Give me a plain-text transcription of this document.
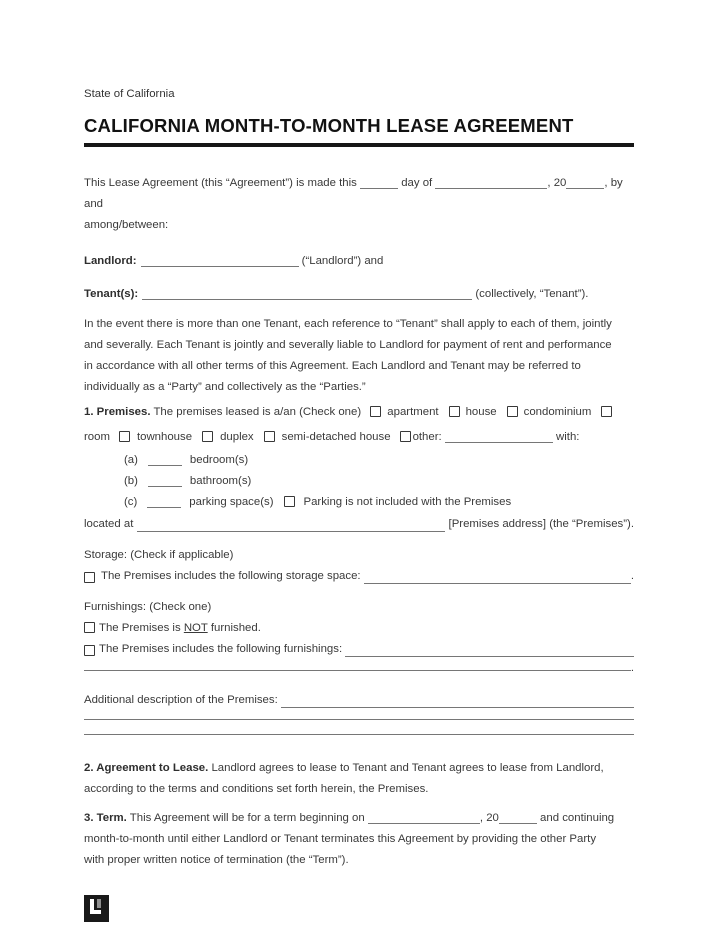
State of California
CALIFORNIA MONTH-TO-MONTH LEASE AGREEMENT
This Lease Agreement (this “Agreement”) is made this	day of	, 20	, by and
among/between:
Landlord:	(“Landlord”) and
Tenant(s):	(collectively, “Tenant”).
In the event there is more than one Tenant, each reference to “Tenant” shall apply to each of them, jointly
and severally. Each Tenant is jointly and severally liable to Landlord for payment of rent and performance
in accordance with all other terms of this Agreement. Each Landlord and Tenant may be referred to
individually as a “Party” and collectively as the “Parties.”
1. Premises. The premises leased is a/an (Check one) apartment house condominium
room townhouse duplex semi-detached house other:	with:
(a)	bedroom(s)
(b)	bathroom(s)
(c)	parking space(s)	Parking is not included with the Premises
located at	[Premises address] (the “Premises”).
Storage: (Check if applicable)
The Premises includes the following storage space:	.
Furnishings: (Check one)
The Premises is NOT furnished.
The Premises includes the following furnishings:
.
Additional description of the Premises:
2. Agreement to Lease. Landlord agrees to lease to Tenant and Tenant agrees to lease from Landlord,
according to the terms and conditions set forth herein, the Premises.
3. Term. This Agreement will be for a term beginning on	, 20	and continuing
month-to-month until either Landlord or Tenant terminates this Agreement by providing the other Party
with proper written notice of termination (the “Term”).
